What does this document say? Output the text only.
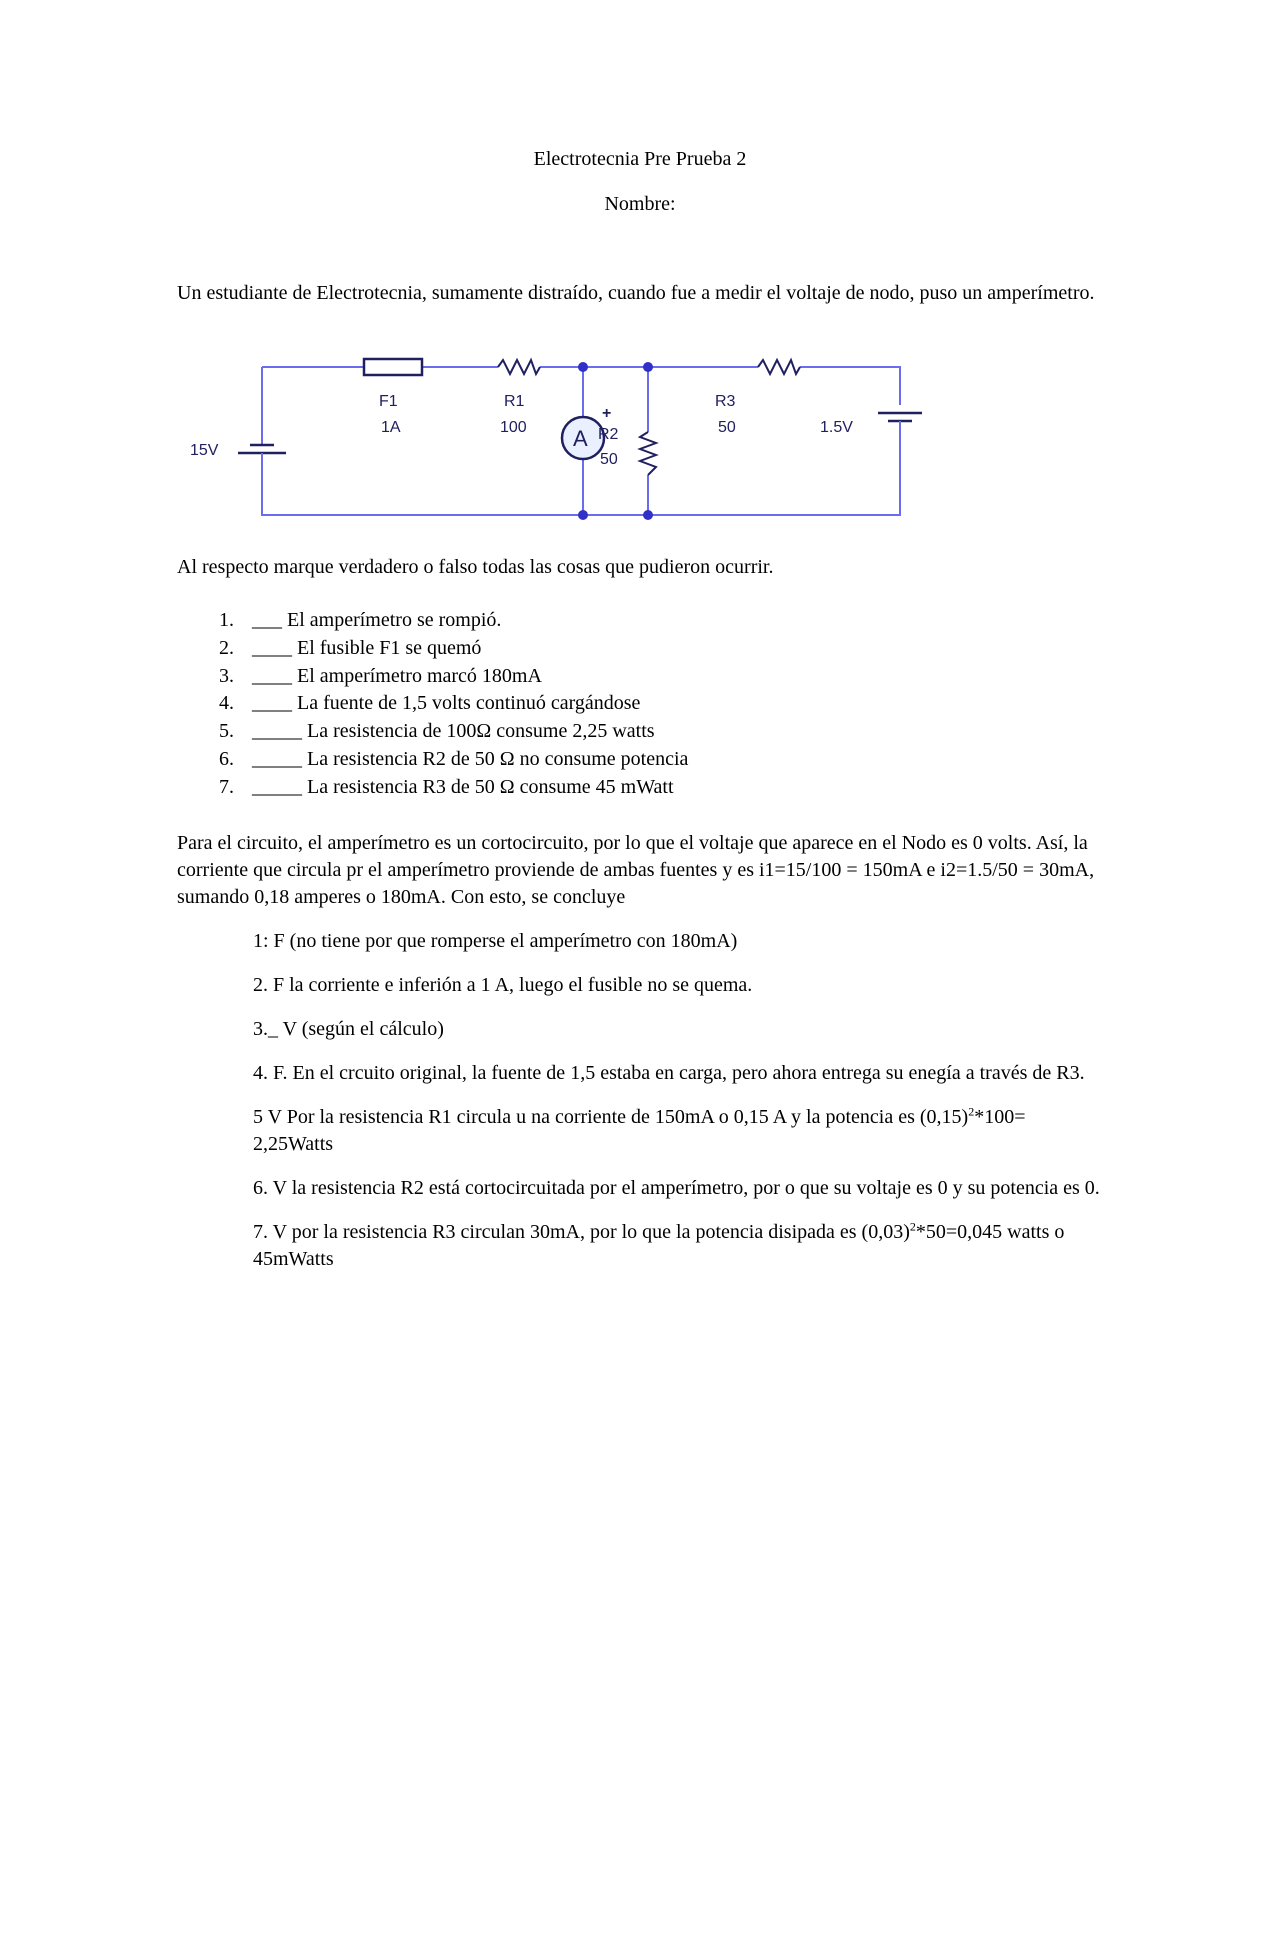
Electrotecnia Pre Prueba 2
Nombre:
Un estudiante de Electrotecnia, sumamente distraído, cuando fue a medir el voltaje de nodo, puso un amperímetro.
15V
F1
1A
R1
100 A
+
R2
50
R3
50	1.5V
Al respecto marque verdadero o falso todas las cosas que pudieron ocurrir.
1. ___ El amperímetro se rompió.
2. ____ El fusible F1 se quemó
3. ____ El amperímetro marcó 180mA
4. ____ La fuente de 1,5 volts continuó cargándose
5. _____ La resistencia de 100Ω consume 2,25 watts
6. _____ La resistencia R2 de 50 Ω no consume potencia
7. _____ La resistencia R3 de 50 Ω consume 45 mWatt
Para el circuito, el amperímetro es un cortocircuito, por lo que el voltaje que aparece en el Nodo es 0 volts. Así, la corriente que circula pr el amperímetro proviende de ambas fuentes y es i1=15/100 = 150mA e i2=1.5/50 = 30mA, sumando 0,18 amperes o 180mA. Con esto, se concluye
1: F (no tiene por que romperse el amperímetro con 180mA)
2. F la corriente e inferión a 1 A, luego el fusible no se quema.
3._ V (según el cálculo)
4. F. En el crcuito original, la fuente de 1,5 estaba en carga, pero ahora entrega su enegía a través de R3.
5 V Por la resistencia R1 circula u na corriente de 150mA o 0,15 A y la potencia es $(0,15)^2*100=$ 2,25Watts
6. V la resistencia R2 está cortocircuitada por el amperímetro, por o que su voltaje es 0 y su potencia es 0.
7. V por la resistencia R3 circulan 30mA, por lo que la potencia disipada es $(0,03)^2*50=0,045$ watts o 45mWatts
